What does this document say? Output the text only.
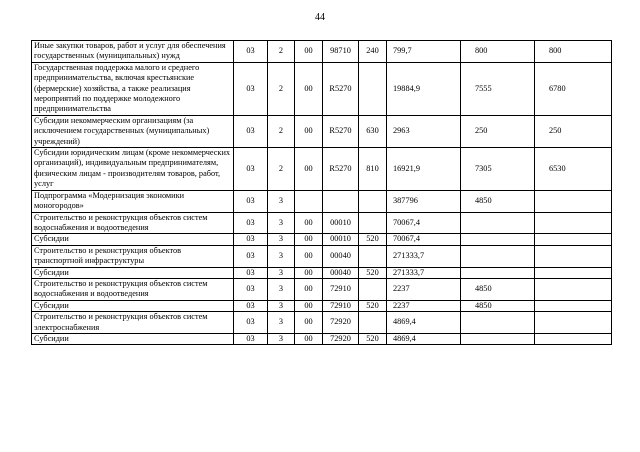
44
Иные закупки товаров, работ и услуг для обеспечения государственных (муниципальных) нужд	03	2	00	98710	240	799,7	800	800
Государственная поддержка малого и среднего предпринимательства, включая крестьянские (фермерские) хозяйства, а также реализация мероприятий по поддержке молодежного предпринимательства	03	2	00	R5270		19884,9	7555	6780
Субсидии некоммерческим организациям (за исключением государственных (муниципальных) учреждений)	03	2	00	R5270	630	2963	250	250
Субсидии юридическим лицам (кроме некоммерческих организаций), индивидуальным предпринимателям, физическим лицам - производителям товаров, работ, услуг	03	2	00	R5270	810	16921,9	7305	6530
Подпрограмма «Модернизация экономики моногородов»	03	3				387796	4850	
Строительство и реконструкция объектов систем водоснабжения и водоотведения	03	3	00	00010		70067,4		
Субсидии	03	3	00	00010	520	70067,4		
Строительство и реконструкция объектов транспортной инфраструктуры	03	3	00	00040		271333,7		
Субсидии	03	3	00	00040	520	271333,7		
Строительство и реконструкция объектов систем водоснабжения и водоотведения	03	3	00	72910		2237	4850	
Субсидии	03	3	00	72910	520	2237	4850	
Строительство и реконструкция объектов систем электроснабжения	03	3	00	72920		4869,4		
Субсидии	03	3	00	72920	520	4869,4		
